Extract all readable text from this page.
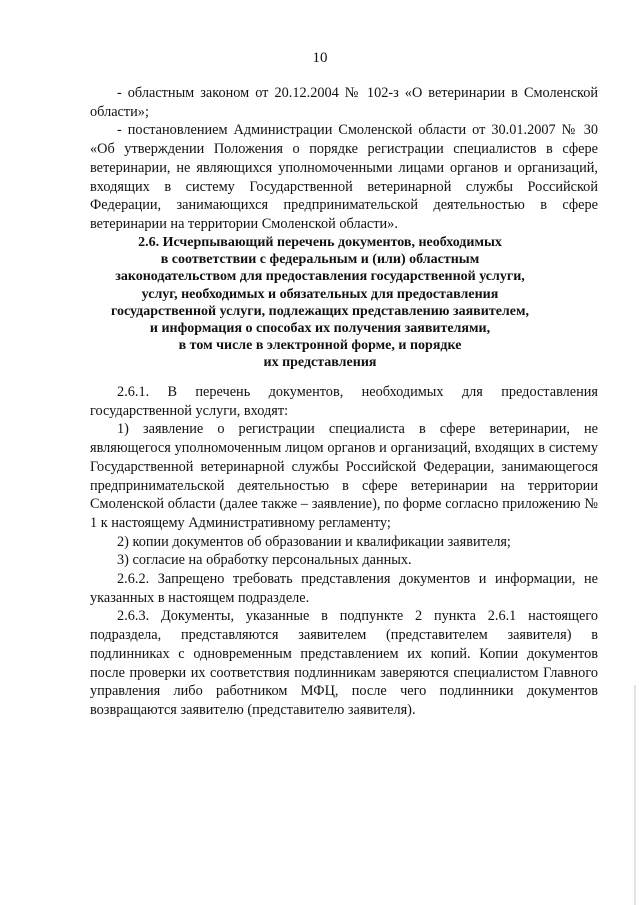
10

- областным законом от 20.12.2004 № 102-з «О ветеринарии в Смоленской области»;

- постановлением Администрации Смоленской области от 30.01.2007 № 30 «Об утверждении Положения о порядке регистрации специалистов в сфере ветеринарии, не являющихся уполномоченными лицами органов и организаций, входящих в систему Государственной ветеринарной службы Российской Федерации, занимающихся предпринимательской деятельностью в сфере ветеринарии на территории Смоленской области».

2.6. Исчерпывающий перечень документов, необходимых
в соответствии с федеральным и (или) областным
законодательством для предоставления государственной услуги,
услуг, необходимых и обязательных для предоставления
государственной услуги, подлежащих представлению заявителем,
и информация о способах их получения заявителями,
в том числе в электронной форме, и порядке
их представления

2.6.1. В перечень документов, необходимых для предоставления государственной услуги, входят:

1) заявление о регистрации специалиста в сфере ветеринарии, не являющегося уполномоченным лицом органов и организаций, входящих в систему Государственной ветеринарной службы Российской Федерации, занимающегося предпринимательской деятельностью в сфере ветеринарии на территории Смоленской области (далее также – заявление), по форме согласно приложению № 1 к настоящему Административному регламенту;

2) копии документов об образовании и квалификации заявителя;

3) согласие на обработку персональных данных.

2.6.2. Запрещено требовать представления документов и информации, не указанных в настоящем подразделе.

2.6.3. Документы, указанные в подпункте 2 пункта 2.6.1 настоящего подраздела, представляются заявителем (представителем заявителя) в подлинниках с одновременным представлением их копий. Копии документов после проверки их соответствия подлинникам заверяются специалистом Главного управления либо работником МФЦ, после чего подлинники документов возвращаются заявителю (представителю заявителя).
